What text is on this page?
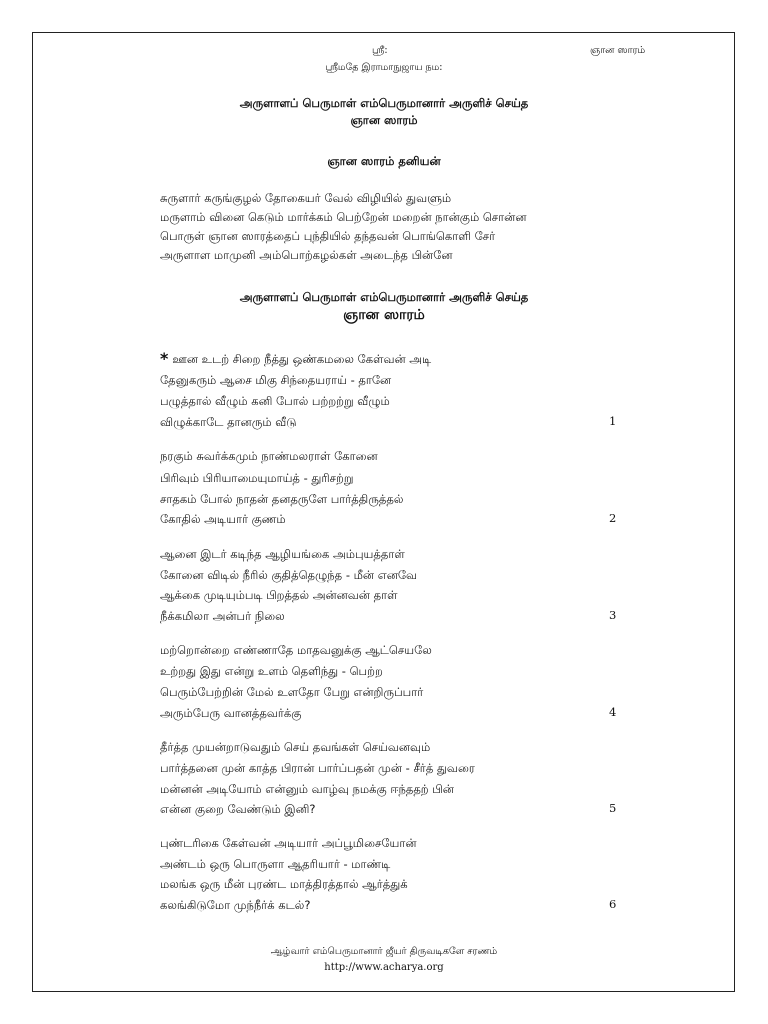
ஸ்ரீ:	ஞான ஸாரம்
ஸ்ரீமதே இராமாநுஜாய நம:
அருளாளப் பெருமாள் எம்பெருமானார் அருளிச் செய்த
ஞான ஸாரம்
ஞான ஸாரம் தனியன்
சுருளார் கருங்குழல் தோகையர் வேல் விழியில் துவளும்
மருளாம் வினை கெடும் மார்க்கம் பெற்றேன் மறைன் நான்கும் சொன்ன
பொருள் ஞான ஸாரத்தைப் புந்தியில் தந்தவன் பொங்கொளி சேர்
அருளாள மாமுனி அம்பொற்கழல்கள் அடைந்த பின்னே
அருளாளப் பெருமாள் எம்பெருமானார் அருளிச் செய்த
ஞான ஸாரம்
* ஊன உடற் சிறை நீத்து ஒண்கமலை கேள்வன் அடி
தேனுகரும் ஆசை மிகு சிந்தையராய் - தானே
பழுத்தால் வீழும் கனி போல் பற்றற்று வீழும்
விழுக்காடே தானரும் வீடு	1
நரகும் சுவர்க்கமும் நாண்மலராள் கோனை
பிரிவும் பிரியாமையுமாய்த் - துரிசற்று
சாதகம் போல் நாதன் தனதருளே பார்த்திருத்தல்
கோதில் அடியார் குணம்	2
ஆனை இடர் கடிந்த ஆழியங்கை அம்புயத்தாள்
கோனை விடில் நீரில் குதித்தெழுந்த - மீன் எனவே
ஆக்கை முடியும்படி பிறத்தல் அன்னவன் தாள்
நீக்கமிலா அன்பர் நிலை	3
மற்றொன்றை எண்ணாதே மாதவனுக்கு ஆட்செயலே
உற்றது இது என்று உளம் தெளிந்து - பெற்ற
பெரும்பேற்றின் மேல் உளதோ பேறு என்றிருப்பார்
அரும்பேரு வானத்தவர்க்கு	4
தீர்த்த முயன்றாடுவதும் செய் தவங்கள் செய்வனவும்
பார்த்தனை முன் காத்த பிரான் பார்ப்பதன் முன் - சீர்த் துவரை
மன்னன் அடியோம் என்னும் வாழ்வு நமக்கு ஈந்ததற் பின்
என்ன குறை வேண்டும் இனி?	5
புண்டரிகை கேள்வன் அடியார் அப்பூமிசையோன்
அண்டம் ஒரு பொருளா ஆதரியார் - மாண்டி
மலங்க ஒரு மீன் புரண்ட மாத்திரத்தால் ஆர்த்துக்
கலங்கிடுமோ முந்நீர்க் கடல்?	6
ஆழ்வார் எம்பெருமானார் ஜீயர் திருவடிகளே சரணம்
http://www.acharya.org
